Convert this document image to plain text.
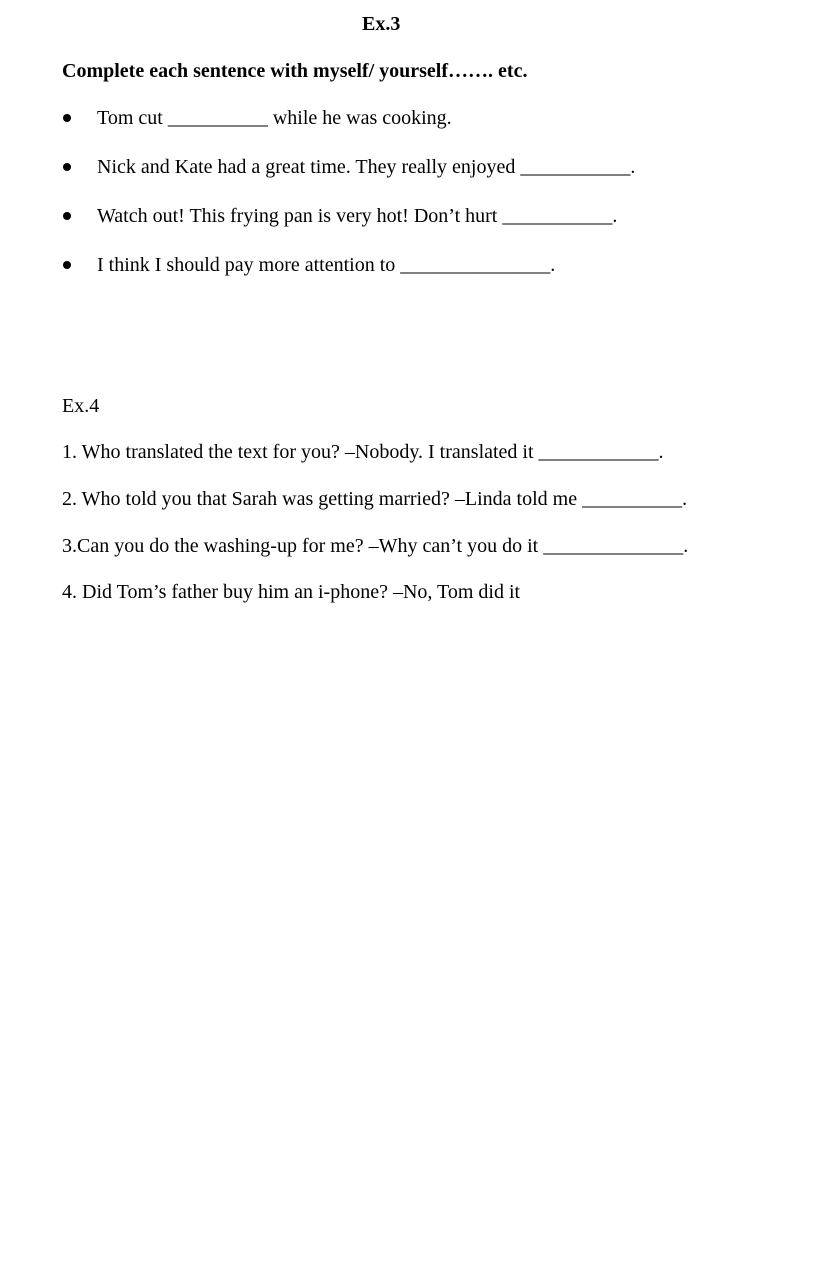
Ex.3
Complete each sentence with myself/ yourself……. etc.
Tom cut __________ while he was cooking.
Nick and Kate had a great time. They really enjoyed ___________.
Watch out! This frying pan is very hot! Don’t hurt ___________.
I think I should pay more attention to _______________.
Ex.4
1. Who translated the text for you? –Nobody. I translated it ____________.
2. Who told you that Sarah was getting married? –Linda told me __________.
3.Can you do the washing-up for me? –Why can’t you do it ______________.
4. Did Tom’s father buy him an i-phone? –No, Tom did it
